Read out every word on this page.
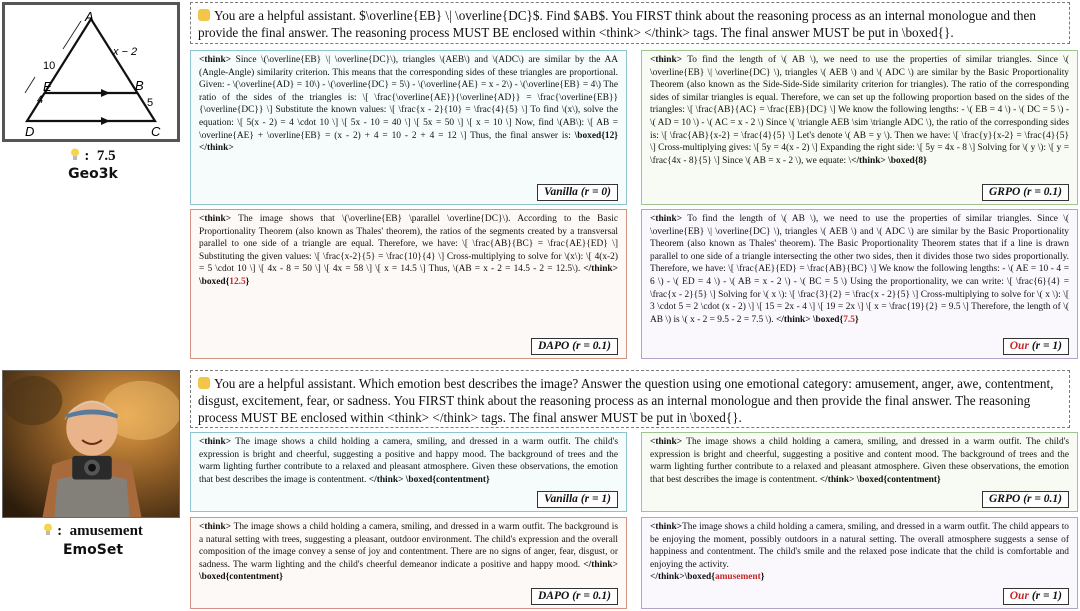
A
B
C
D
E
10
4	5
x − 2
: 7.5
Geo3k
You are a helpful assistant. $\overline{EB} \| \overline{DC}$. Find $AB$. You FIRST think about the reasoning process as an internal monologue and then provide the final answer. The reasoning process MUST BE enclosed within <think> </think> tags. The final answer MUST be put in \boxed{}.
<think> Since \(\overline{EB} \| \overline{DC}\), triangles \(AEB\) and \(ADC\) are similar by the AA (Angle-Angle) similarity criterion. This means that the corresponding sides of these triangles are proportional. Given: - \(\overline{AD} = 10\) - \(\overline{DC} = 5\) - \(\overline{AE} = x - 2\) - \(\overline{EB} = 4\) The ratio of the sides of the triangles is: \[ \frac{\overline{AE}}{\overline{AD}} = \frac{\overline{EB}}{\overline{DC}} \] Substitute the known values: \[ \frac{x - 2}{10} = \frac{4}{5} \] To find \(x\), solve the equation: \[ 5(x - 2) = 4 \cdot 10 \] \[ 5x - 10 = 40 \] \[ 5x = 50 \] \[ x = 10 \] Now, find \(AB\): \[ AB = \overline{AE} + \overline{EB} = (x - 2) + 4 = 10 - 2 + 4 = 12 \] Thus, the final answer is: \boxed{12} </think>
Vanilla (r = 0)
<think> To find the length of \( AB \), we need to use the properties of similar triangles. Since \( \overline{EB} \| \overline{DC} \), triangles \( AEB \) and \( ADC \) are similar by the Basic Proportionality Theorem (also known as the Side-Side-Side similarity criterion for triangles). The ratio of the corresponding sides of similar triangles is equal. Therefore, we can set up the following proportion based on the sides of the triangles: \[ \frac{AB}{AC} = \frac{EB}{DC} \] We know the following lengths: - \( EB = 4 \) - \( DC = 5 \) - \( AD = 10 \) - \( AC = x - 2 \) Since \( \triangle AEB \sim \triangle ADC \), the ratio of the corresponding sides is: \[ \frac{AB}{x-2} = \frac{4}{5} \] Let's denote \( AB = y \). Then we have: \[ \frac{y}{x-2} = \frac{4}{5} \] Cross-multiplying gives: \[ 5y = 4(x - 2) \] Expanding the right side: \[ 5y = 4x - 8 \] Solving for \( y \): \[ y = \frac{4x - 8}{5} \] Since \( AB = x - 2 \), we equate: \</think> \boxed{8}
GRPO (r = 0.1)
<think> The image shows that \(\overline{EB} \parallel \overline{DC}\). According to the Basic Proportionality Theorem (also known as Thales' theorem), the ratios of the segments created by a transversal parallel to one side of a triangle are equal. Therefore, we have: \[ \frac{AB}{BC} = \frac{AE}{ED} \] Substituting the given values: \[ \frac{x-2}{5} = \frac{10}{4} \] Cross-multiplying to solve for \(x\): \[ 4(x-2) = 5 \cdot 10 \] \[ 4x - 8 = 50 \] \[ 4x = 58 \] \[ x = 14.5 \] Thus, \(AB = x - 2 = 14.5 - 2 = 12.5\). </think> \boxed{12.5}
DAPO (r = 0.1)
<think> To find the length of \( AB \), we need to use the properties of similar triangles. Since \( \overline{EB} \| \overline{DC} \), triangles \( AEB \) and \( ADC \) are similar by the Basic Proportionality Theorem (also known as Thales' theorem). The Basic Proportionality Theorem states that if a line is drawn parallel to one side of a triangle intersecting the other two sides, then it divides those two sides proportionally. Therefore, we have: \[ \frac{AE}{ED} = \frac{AB}{BC} \] We know the following lengths: - \( AE = 10 - 4 = 6 \) - \( ED = 4 \) - \( AB = x - 2 \) - \( BC = 5 \) Using the proportionality, we can write: \[ \frac{6}{4} = \frac{x - 2}{5} \] Solving for \( x \): \[ \frac{3}{2} = \frac{x - 2}{5} \] Cross-multiplying to solve for \( x \): \[ 3 \cdot 5 = 2 \cdot (x - 2) \] \[ 15 = 2x - 4 \] \[ 19 = 2x \] \[ x = \frac{19}{2} = 9.5 \] Therefore, the length of \( AB \) is \( x - 2 = 9.5 - 2 = 7.5 \). </think> \boxed{7.5}
Our (r = 1)
: amusement
EmoSet
You are a helpful assistant. Which emotion best describes the image? Answer the question using one emotional category: amusement, anger, awe, contentment, disgust, excitement, fear, or sadness. You FIRST think about the reasoning process as an internal monologue and then provide the final answer. The reasoning process MUST BE enclosed within <think> </think> tags. The final answer MUST be put in \boxed{}.
<think> The image shows a child holding a camera, smiling, and dressed in a warm outfit. The child's expression is bright and cheerful, suggesting a positive and happy mood. The background of trees and the warm lighting further contribute to a relaxed and pleasant atmosphere. Given these observations, the emotion that best describes the image is contentment. </think> \boxed{contentment}
Vanilla (r = 1)
<think> The image shows a child holding a camera, smiling, and dressed in a warm outfit. The child's expression is bright and cheerful, suggesting a positive and content mood. The background of trees and the warm lighting further contribute to a relaxed and pleasant atmosphere. Given these observations, the emotion that best describes the image is contentment. </think> \boxed{contentment}
GRPO (r = 0.1)
<think> The image shows a child holding a camera, smiling, and dressed in a warm outfit. The background is a natural setting with trees, suggesting a pleasant, outdoor environment. The child's expression and the overall composition of the image convey a sense of joy and contentment. There are no signs of anger, fear, disgust, or sadness. The warm lighting and the child's cheerful demeanor indicate a positive and happy mood. </think> \boxed{contentment}
DAPO (r = 0.1)
<think>The image shows a child holding a camera, smiling, and dressed in a warm outfit. The child appears to be enjoying the moment, possibly outdoors in a natural setting. The overall atmosphere suggests a sense of happiness and contentment. The child's smile and the relaxed pose indicate that the child is comfortable and enjoying the activity.
</think>\boxed{amusement}
Our (r = 1)
